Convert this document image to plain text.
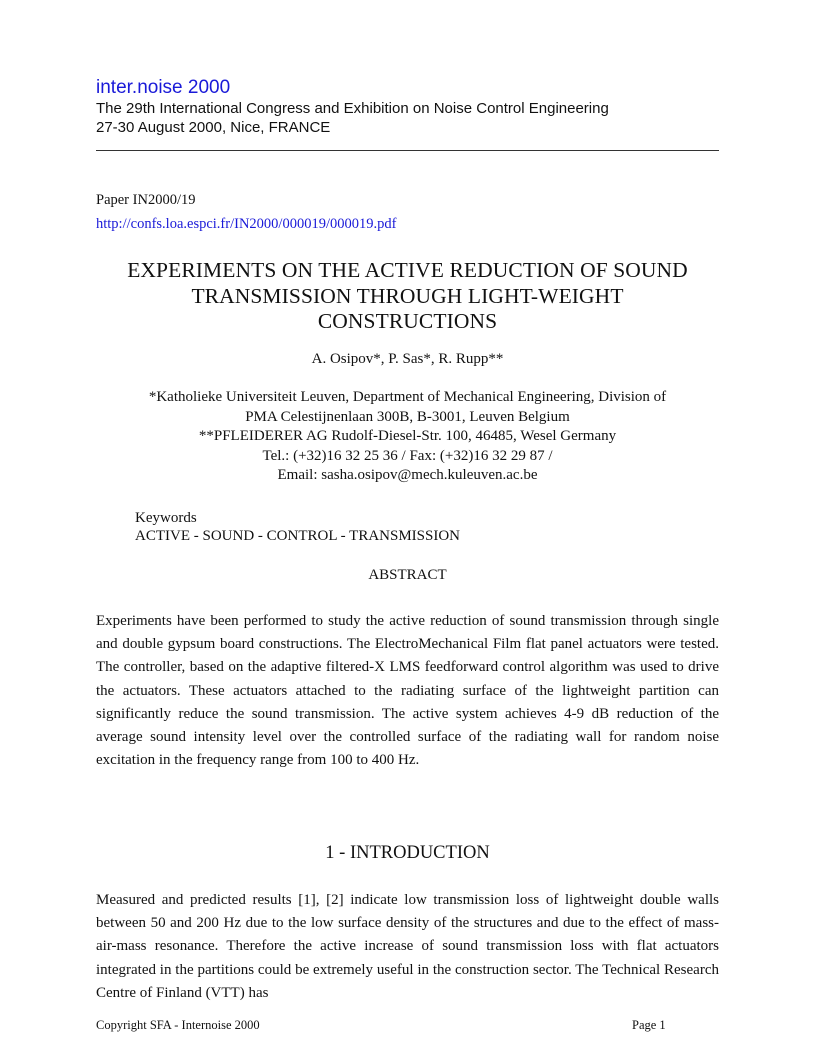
inter.noise 2000
The 29th International Congress and Exhibition on Noise Control Engineering
27-30 August 2000, Nice, FRANCE
Paper IN2000/19
http://confs.loa.espci.fr/IN2000/000019/000019.pdf
EXPERIMENTS ON THE ACTIVE REDUCTION OF SOUND
TRANSMISSION THROUGH LIGHT-WEIGHT
CONSTRUCTIONS
A. Osipov*, P. Sas*, R. Rupp**
*Katholieke Universiteit Leuven, Department of Mechanical Engineering, Division of
PMA Celestijnenlaan 300B, B-3001, Leuven Belgium
**PFLEIDERER AG Rudolf-Diesel-Str. 100, 46485, Wesel Germany
Tel.: (+32)16 32 25 36 / Fax: (+32)16 32 29 87 /
Email: sasha.osipov@mech.kuleuven.ac.be
Keywords
ACTIVE - SOUND - CONTROL - TRANSMISSION
ABSTRACT

Experiments have been performed to study the active reduction of sound transmission through single and double gypsum board constructions. The ElectroMechanical Film flat panel actuators were tested. The controller, based on the adaptive filtered-X LMS feedforward control algorithm was used to drive the actuators. These actuators attached to the radiating surface of the lightweight partition can significantly reduce the sound transmission. The active system achieves 4-9 dB reduction of the average sound intensity level over the controlled surface of the radiating wall for random noise excitation in the frequency range from 100 to 400 Hz.

1 - INTRODUCTION

Measured and predicted results [1], [2] indicate low transmission loss of lightweight double walls between 50 and 200 Hz due to the low surface density of the structures and due to the effect of mass-air-mass resonance. Therefore the active increase of sound transmission loss with flat actuators integrated in the partitions could be extremely useful in the construction sector. The Technical Research Centre of Finland (VTT) has

Copyright SFA - Internoise 2000	Page 1
